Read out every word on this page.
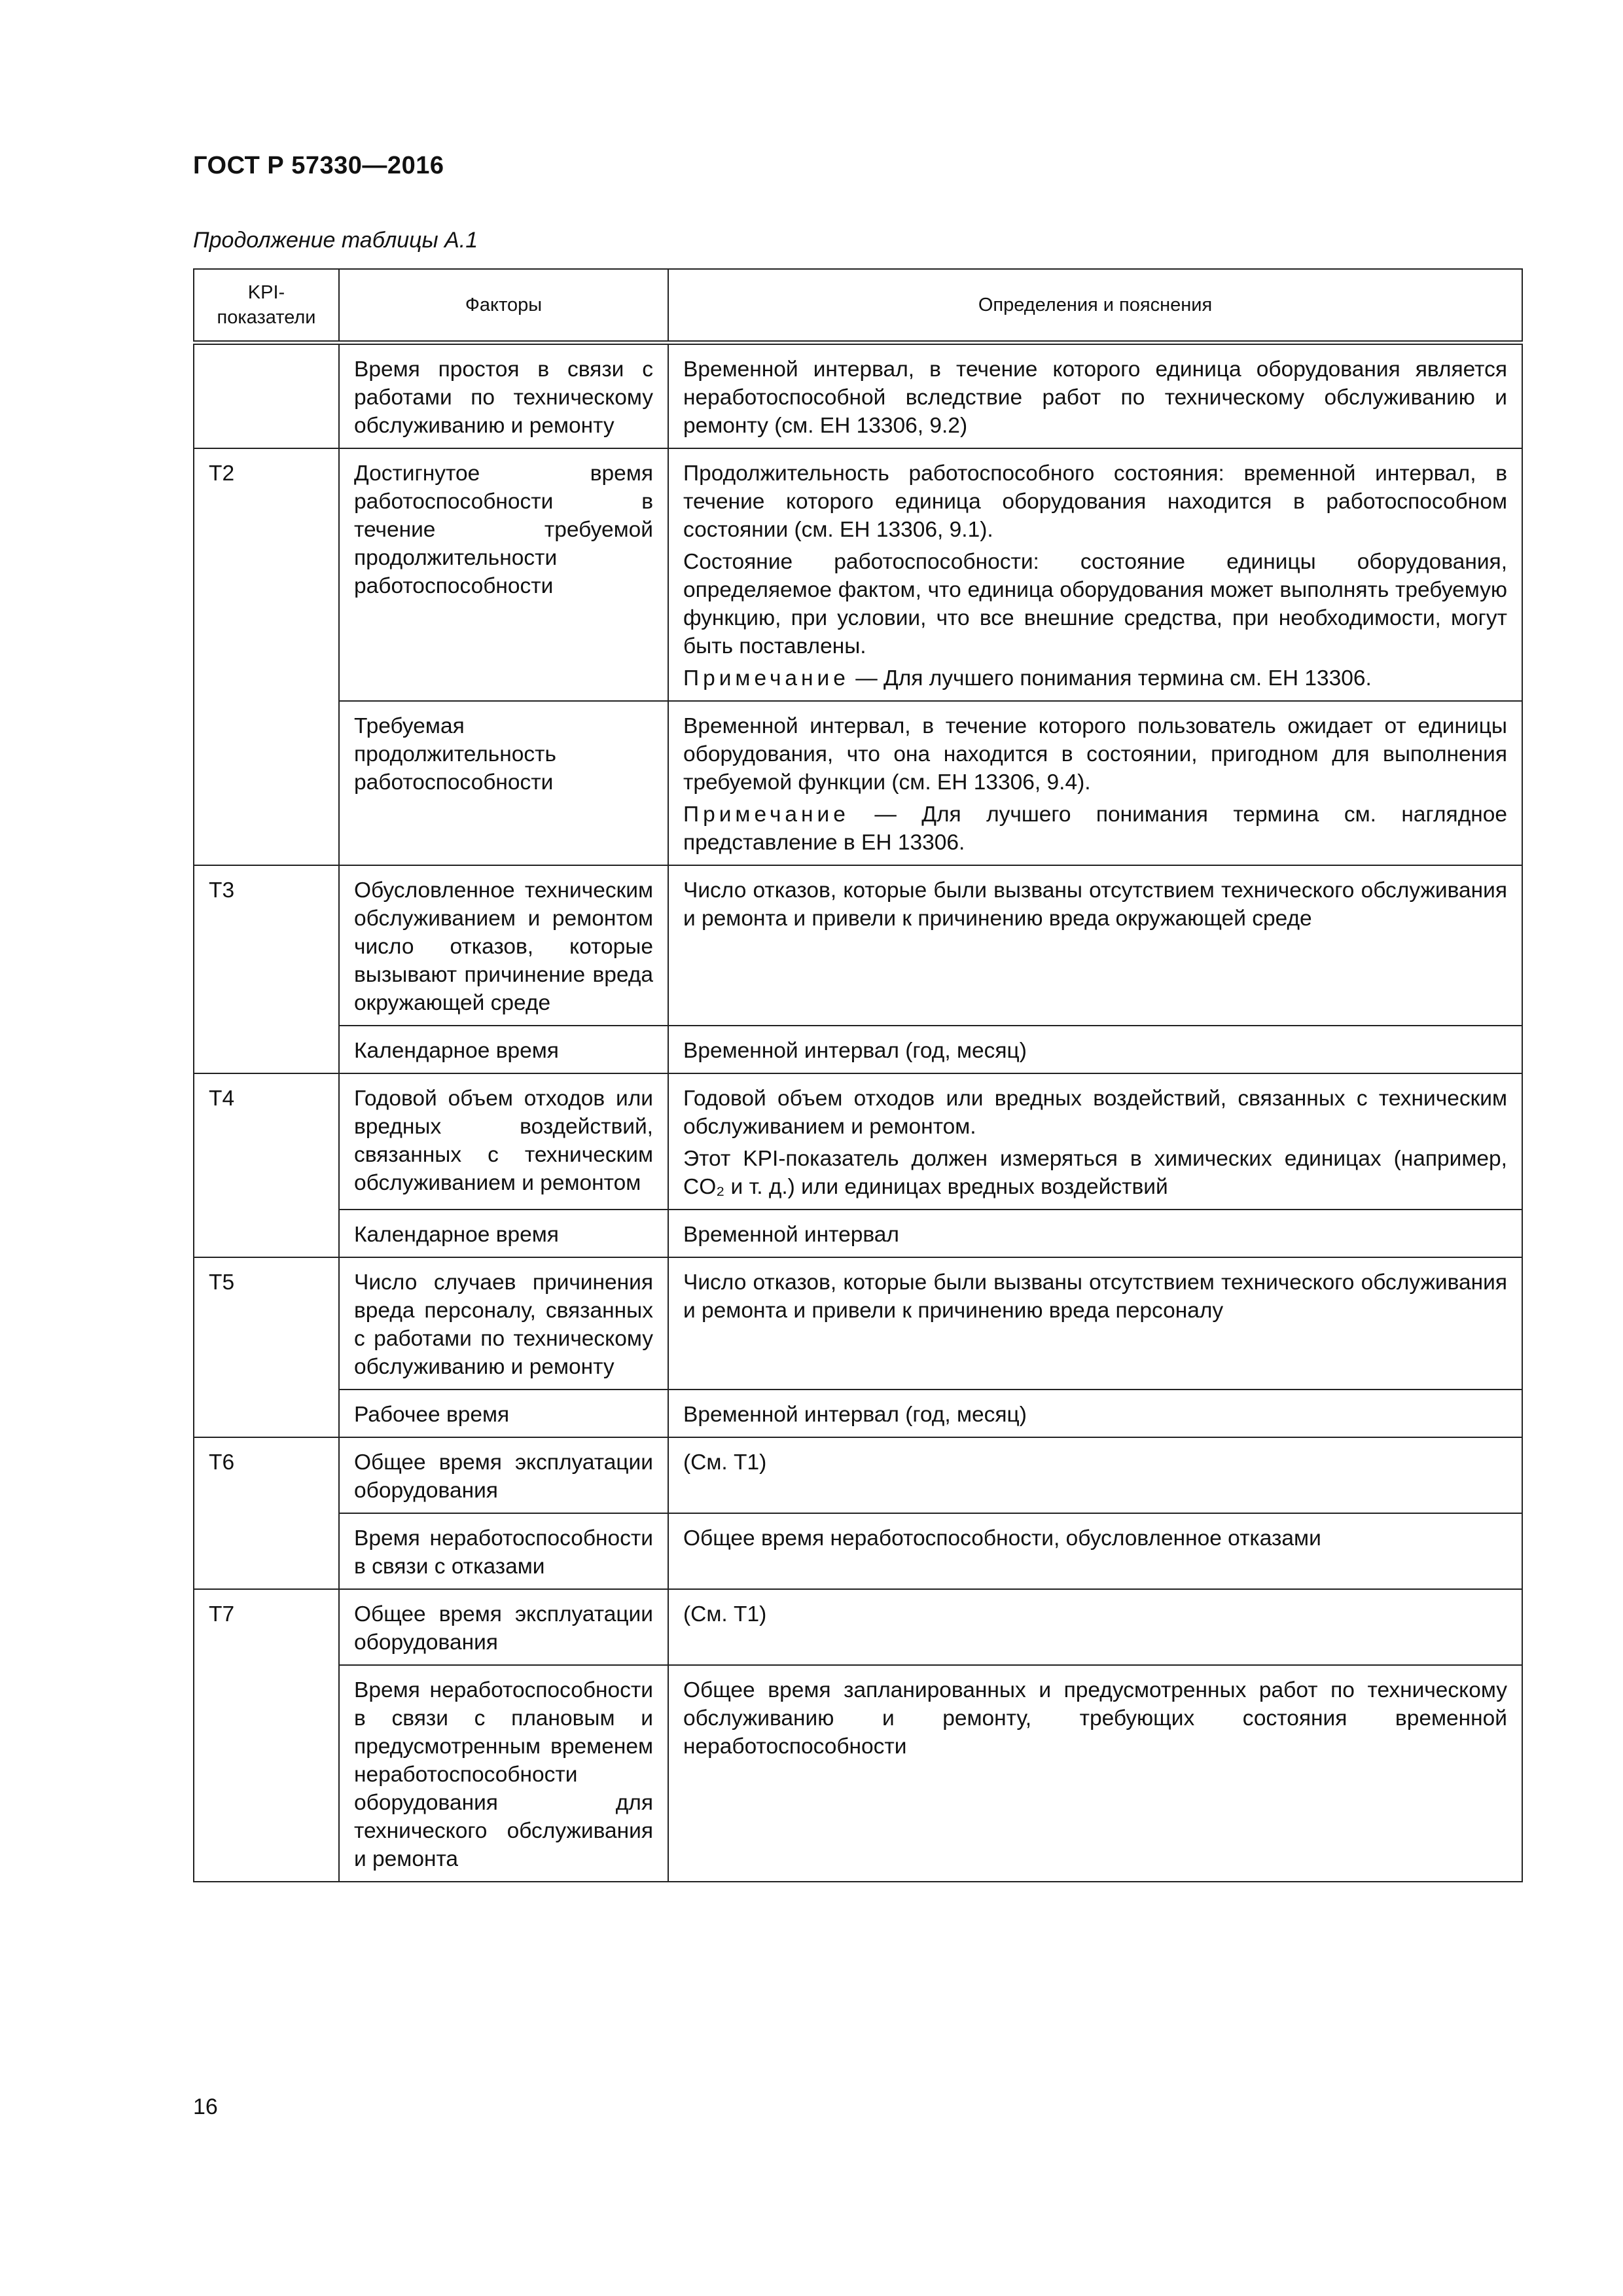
ГОСТ Р 57330—2016

Продолжение таблицы А.1

KPI-показатели	Факторы	Определения и пояснения
	Время простоя в связи с работами по техническому обслуживанию и ремонту	Временной интервал, в течение которого единица оборудования является неработоспособной вследствие работ по техническому обслуживанию и ремонту (см. ЕН 13306, 9.2)

Т2	Достигнутое время работоспособности в течение требуемой продолжительности работоспособности	Продолжительность работоспособного состояния: временной интервал, в течение которого единица оборудования находится в работоспособном состоянии (см. ЕН 13306, 9.1).
Состояние работоспособности: состояние единицы оборудования, определяемое фактом, что единица оборудования может выполнять требуемую функцию, при условии, что все внешние средства, при необходимости, могут быть поставлены.
Примечание — Для лучшего понимания термина см. ЕН 13306.

	Требуемая продолжительность работоспособности	Временной интервал, в течение которого пользователь ожидает от единицы оборудования, что она находится в состоянии, пригодном для выполнения требуемой функции (см. ЕН 13306, 9.4).
Примечание — Для лучшего понимания термина см. наглядное представление в ЕН 13306.

Т3	Обусловленное техническим обслуживанием и ремонтом число отказов, которые вызывают причинение вреда окружающей среде	Число отказов, которые были вызваны отсутствием технического обслуживания и ремонта и привели к причинению вреда окружающей среде

	Календарное время	Временной интервал (год, месяц)

Т4	Годовой объем отходов или вредных воздействий, связанных с техническим обслуживанием и ремонтом	Годовой объем отходов или вредных воздействий, связанных с техническим обслуживанием и ремонтом.
Этот KPI-показатель должен измеряться в химических единицах (например, CO₂ и т. д.) или единицах вредных воздействий

	Календарное время	Временной интервал

Т5	Число случаев причинения вреда персоналу, связанных с работами по техническому обслуживанию и ремонту	Число отказов, которые были вызваны отсутствием технического обслуживания и ремонта и привели к причинению вреда персоналу

	Рабочее время	Временной интервал (год, месяц)

Т6	Общее время эксплуатации оборудования	(См. Т1)

	Время неработоспособности в связи с отказами	Общее время неработоспособности, обусловленное отказами

Т7	Общее время эксплуатации оборудования	(См. Т1)

	Время неработоспособности в связи с плановым и предусмотренным временем неработоспособности оборудования для технического обслуживания и ремонта	Общее время запланированных и предусмотренных работ по техническому обслуживанию и ремонту, требующих состояния временной неработоспособности

16
